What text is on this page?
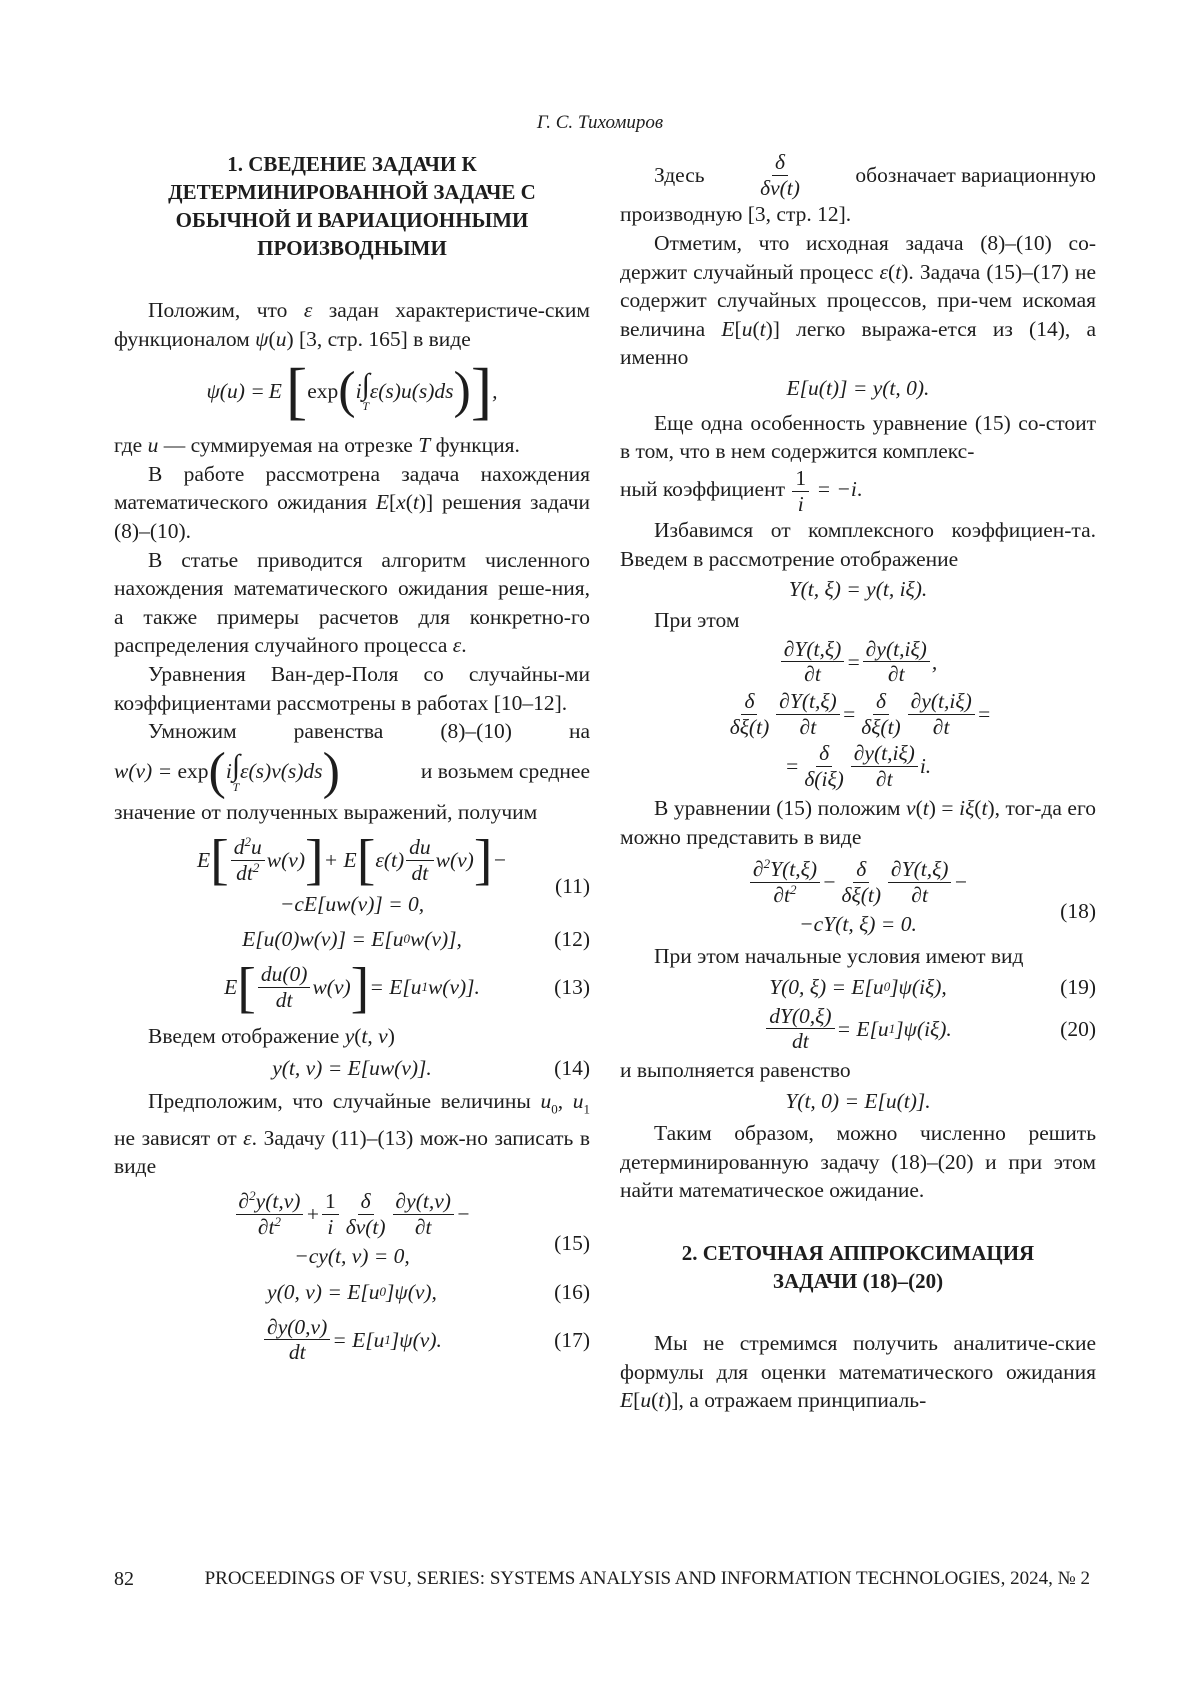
Г. С. Тихомиров
1. СВЕДЕНИЕ ЗАДАЧИ К ДЕТЕРМИНИРОВАННОЙ ЗАДАЧЕ С ОБЫЧНОЙ И ВАРИАЦИОННЫМИ ПРОИЗВОДНЫМИ

Положим, что ε задан характеристиче-ским функционалом ψ(u) [3, стр. 165] в виде

ψ( u ) = E [ exp ( i ∫
T
ε(s)u(s)ds ) ] ,

где u — суммируемая на отрезке T функция.

В работе рассмотрена задача нахождения математического ожидания E[x(t)] решения задачи (8)–(10).

В статье приводится алгоритм численного нахождения математического ожидания реше-ния, а также примеры расчетов для конкретно-го распределения случайного процесса ε.

Уравнения Ван-дер-Поля со случайны-ми коэффициентами рассмотрены в работах [10–12].

Умножим равенства (8)–(10) на

w(v) = exp ( i ∫
T
ε(s)v(s)ds )	и возьмем среднее

значение от полученных выражений, получим

E [ $d^2u$
$dt^2$ w(v) ] + E [ ε(t)
du
dt
w(v) ] −
(11)
−cE[uw(v)] = 0,
E[u(0)w(v)] = E[u 0 w(v)],	(12)
E [ du(0)
dt
w(v) ] = E[u 1 w(v)].	(13)

Введем отображение y(t, v)

y(t, v) = E[uw(v)].	(14)

Предположим, что случайные величины $u_0$, $u_1$ не зависят от ε. Задачу (11)–(13) мож-но записать в виде

∂$^2$y(t,v)
$\partial t^2$ +
1
i
δ
δv(t)
∂y(t,v)
∂t
−
(15)
−cy(t, v) = 0,
y(0, v) = E[u 0 ]ψ(v),	(16)
∂y(0,v)
dt
= E[u 1 ]ψ(v).	(17)
Здесь
δ
δv(t)
обозначает вариационную

производную [3, стр. 12].

Отметим, что исходная задача (8)–(10) со-держит случайный процесс ε(t). Задача (15)–(17) не содержит случайных процессов, при-чем искомая величина E[u(t)] легко выража-ется из (14), а именно

E[u(t)] = y(t, 0).

Еще одна особенность уравнение (15) со-стоит в том, что в нем содержится комплекс-

ный коэффициент $\frac{1}{i} = -i$.

Избавимся от комплексного коэффициен-та. Введем в рассмотрение отображение

Y(t, ξ) = y(t, iξ).

При этом

∂Y(t,ξ)
∂t
=
∂y(t,iξ)
∂t
,
δ
δξ(t)
∂Y(t,ξ)
∂t
=
δ
δξ(t)
∂y(t,iξ)
∂t
=
=
δ
δ(iξ)
∂y(t,iξ)
∂t
i.

В уравнении (15) положим v(t) = iξ(t), тог-да его можно представить в виде

∂$^2$Y(t,ξ)
$\partial t^2$ −
δ
δξ(t)
∂Y(t,ξ)
∂t
−
(18)
−cY(t, ξ) = 0.

При этом начальные условия имеют вид

Y(0, ξ) = E[u 0 ]ψ(iξ),	(19)
dY(0,ξ)
dt
= E[u 1 ]ψ(iξ).	(20)

и выполняется равенство

Y(t, 0) = E[u(t)].

Таким образом, можно численно решить детерминированную задачу (18)–(20) и при этом найти математическое ожидание.

2. СЕТОЧНАЯ АППРОКСИМАЦИЯ ЗАДАЧИ (18)–(20)

Мы не стремимся получить аналитиче-ские формулы для оценки математического ожидания E[u(t)], а отражаем принципиаль-

82	PROCEEDINGS OF VSU, SERIES: SYSTEMS ANALYSIS AND INFORMATION TECHNOLOGIES, 2024, № 2
